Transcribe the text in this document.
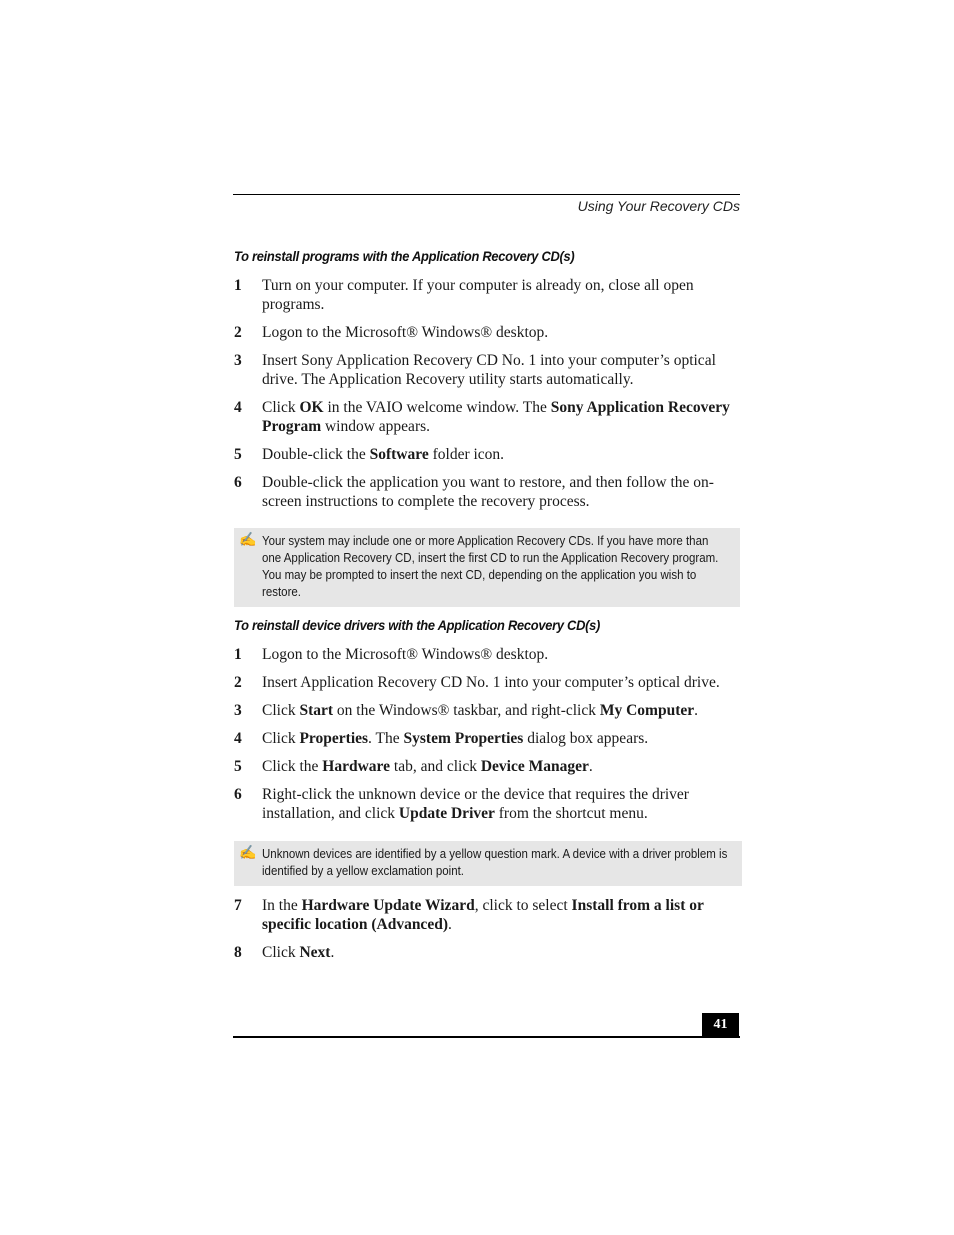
Using Your Recovery CDs
To reinstall programs with the Application Recovery CD(s)
1 Turn on your computer. If your computer is already on, close all open programs.
2 Logon to the Microsoft® Windows® desktop.
3 Insert Sony Application Recovery CD No. 1 into your computer’s optical drive. The Application Recovery utility starts automatically.
4 Click OK in the VAIO welcome window. The Sony Application Recovery Program window appears.
5 Double-click the Software folder icon.
6 Double-click the application you want to restore, and then follow the on-screen instructions to complete the recovery process.
✍ Your system may include one or more Application Recovery CDs. If you have more than one Application Recovery CD, insert the first CD to run the Application Recovery program. You may be prompted to insert the next CD, depending on the application you wish to restore.
To reinstall device drivers with the Application Recovery CD(s)
1 Logon to the Microsoft® Windows® desktop.
2 Insert Application Recovery CD No. 1 into your computer’s optical drive.
3 Click Start on the Windows® taskbar, and right-click My Computer.
4 Click Properties. The System Properties dialog box appears.
5 Click the Hardware tab, and click Device Manager.
6 Right-click the unknown device or the device that requires the driver installation, and click Update Driver from the shortcut menu.
✍ Unknown devices are identified by a yellow question mark. A device with a driver problem is identified by a yellow exclamation point.
7 In the Hardware Update Wizard, click to select Install from a list or specific location (Advanced).
8 Click Next.
41
